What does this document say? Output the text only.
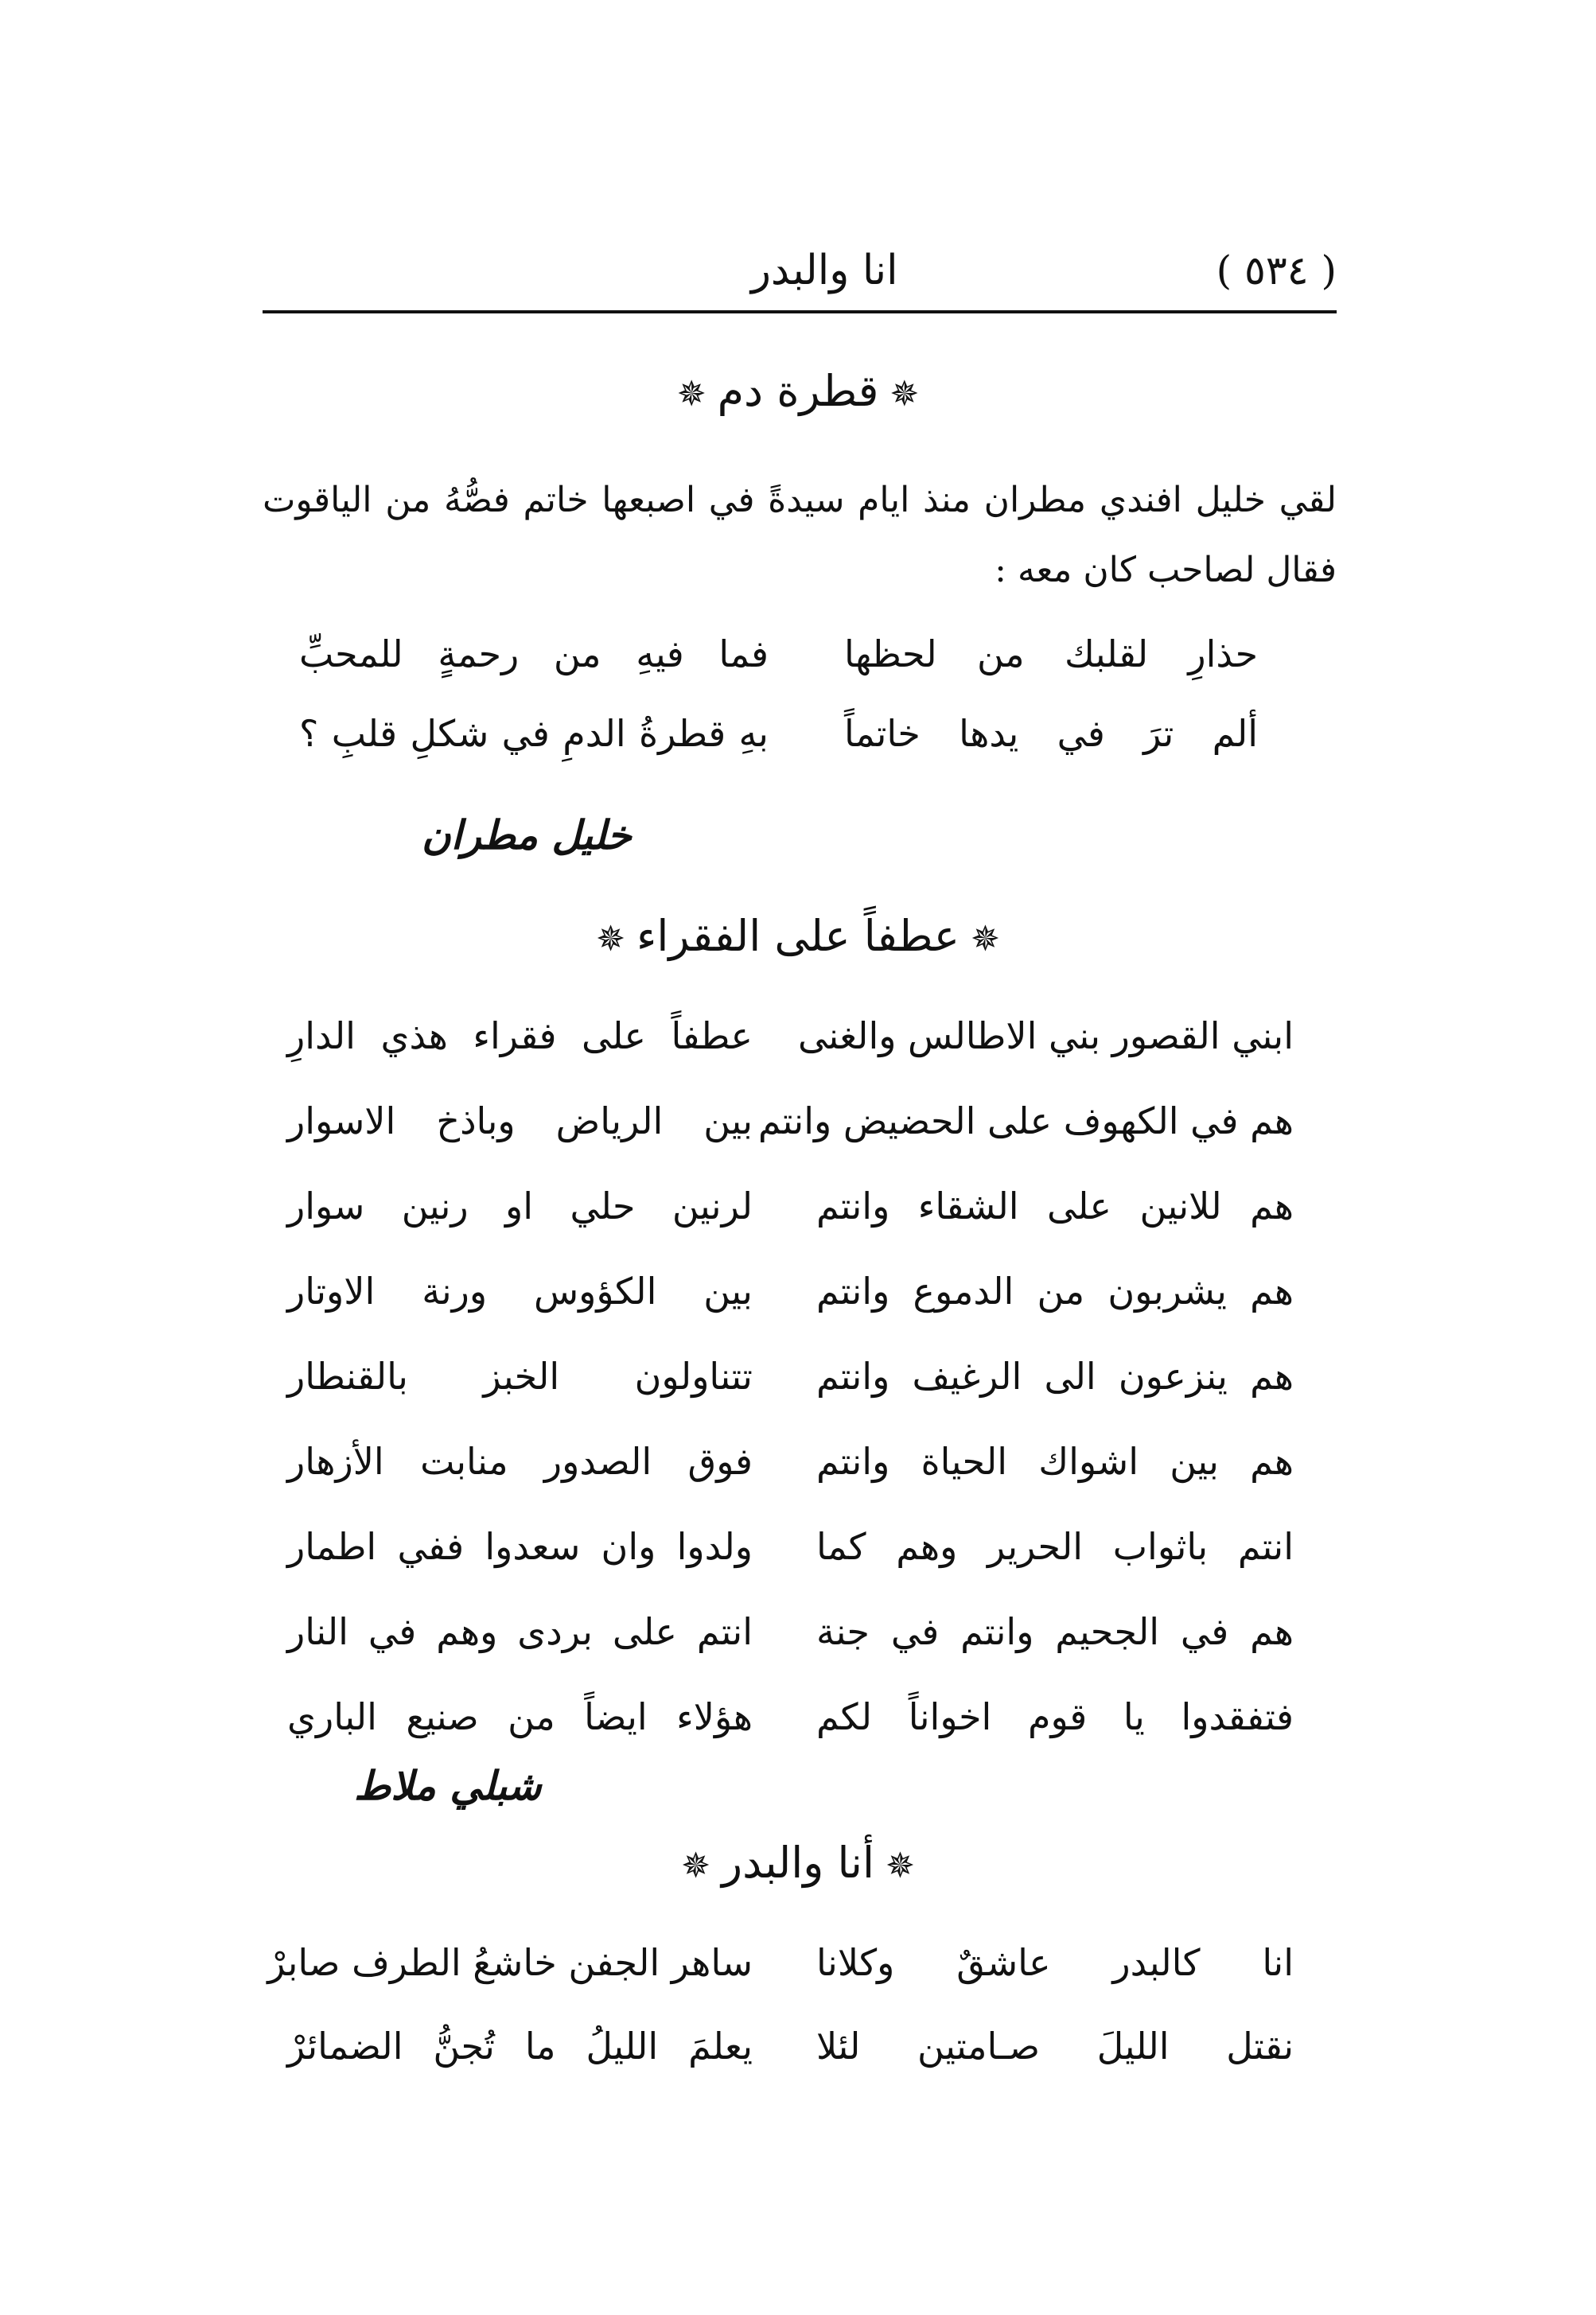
( ٥٣٤ )
انا والبدر
✵قطرة دم✵
لقي خليل افندي مطران منذ ايام سيدةً في اصبعها خاتم فصُّهُ من الياقوت فقال لصاحب كان معه :
حذارِ لقلبك من لحظها
فما فيهِ من رحمةٍ للمحبِّ
ألم ترَ في يدها خاتماً
بهِ قطرةُ الدمِ في شكلِ قلبِ ؟
خليل مطران
✵عطفاً على الفقراء✵
ابني القصور بني الاطالس والغنى
عطفاً على فقراء هذي الدارِ
هم في الكهوف على الحضيض وانتم
بين الرياض وباذخ الاسوار
هم للانين على الشقاء وانتم
لرنين حلي او رنين سوار
هم يشربون من الدموع وانتم
بين الكؤوس ورنة الاوتار
هم ينزعون الى الرغيف وانتم
تتناولون الخبز بالقنطار
هم بين اشواك الحياة وانتم
فوق الصدور منابت الأزهار
انتم باثواب الحرير وهم كما
ولدوا وان سعدوا ففي اطمار
هم في الجحيم وانتم في جنة
انتم على بردى وهم في النار
فتفقدوا يا قوم اخواناً لكم
هؤلاء ايضاً من صنيع الباري
شبلي ملاط
✵أنا والبدر✵
انا كالبدر عاشقٌ وكلانا
ساهر الجفن خاشعُ الطرف صابرْ
نقتل الليلَ صـامتين لئلا
يعلمَ الليلُ ما تُجنُّ الضمائرْ
